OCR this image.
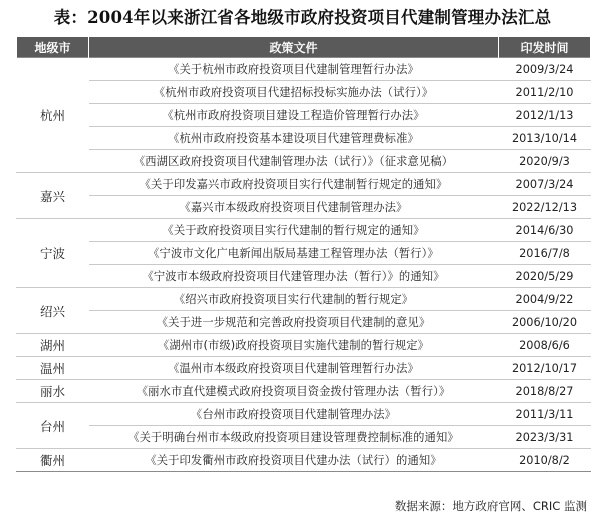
表：2004年以来浙江省各地级市政府投资项目代建制管理办法汇总
地级市	政策文件	印发时间
杭州	《关于杭州市政府投资项目代建制管理暂行办法》	2009/3/24
	《杭州市政府投资项目代建招标投标实施办法（试行）》	2011/2/10
	《杭州市政府投资项目建设工程造价管理暂行办法》	2012/1/13
	《杭州市政府投资基本建设项目代建管理费标准》	2013/10/14
	《西湖区政府投资项目代建制管理办法（试行）》（征求意见稿）	2020/9/3
嘉兴	《关于印发嘉兴市政府投资项目实行代建制暂行规定的通知》	2007/3/24
	《嘉兴市本级政府投资项目代建制管理办法》	2022/12/13
宁波	《关于政府投资项目实行代建制的暂行规定的通知》	2014/6/30
	《宁波市文化广电新闻出版局基建工程管理办法（暂行）》	2016/7/8
	《宁波市本级政府投资项目代建管理办法（暂行）》的通知》	2020/5/29
绍兴	《绍兴市政府投资项目实行代建制的暂行规定》	2004/9/22
	《关于进一步规范和完善政府投资项目代建制的意见》	2006/10/20
湖州	《湖州市(市级)政府投资项目实施代建制的暂行规定》	2008/6/6
温州	《温州市本级政府投资项目代建制管理暂行办法》	2012/10/17
丽水	《丽水市直代建模式政府投资项目资金拨付管理办法（暂行）》	2018/8/27
台州	《台州市政府投资项目代建制管理办法》	2011/3/11
	《关于明确台州市本级政府投资项目建设管理费控制标准的通知》	2023/3/31
衢州	《关于印发衢州市政府投资项目代建办法（试行）的通知》	2010/8/2
数据来源：地方政府官网、CRIC 监测
